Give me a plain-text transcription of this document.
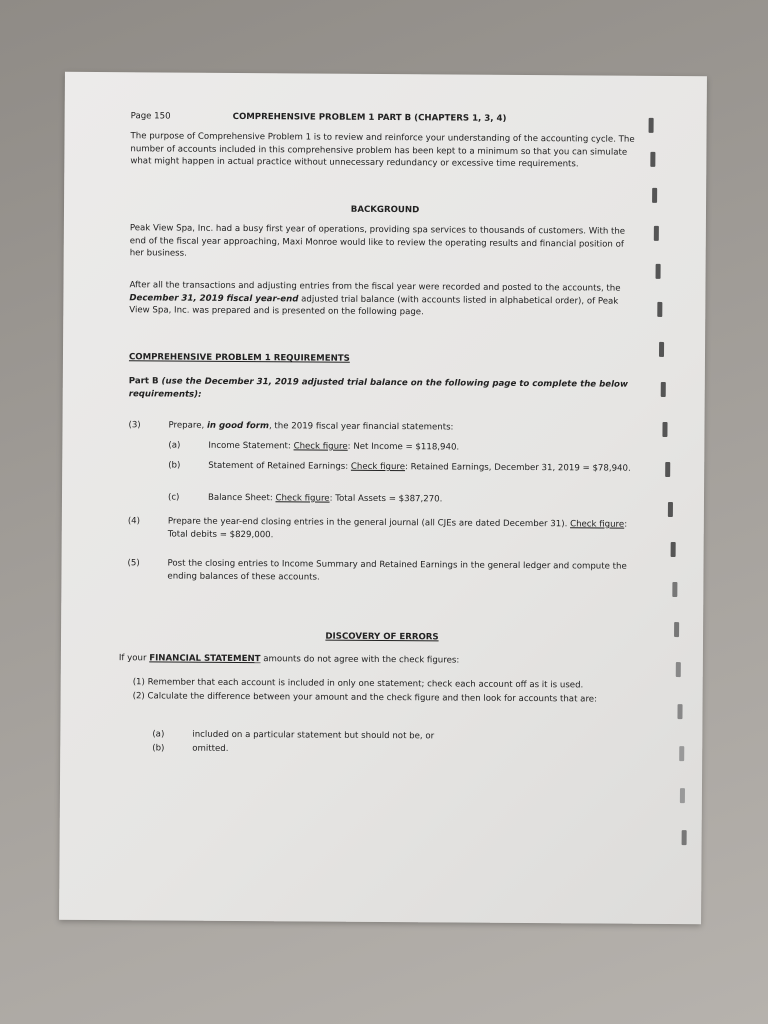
Page 150	COMPREHENSIVE PROBLEM 1 PART B (CHAPTERS 1, 3, 4)
The purpose of Comprehensive Problem 1 is to review and reinforce your understanding of the accounting cycle. The number of accounts included in this comprehensive problem has been kept to a minimum so that you can simulate what might happen in actual practice without unnecessary redundancy or excessive time requirements.
BACKGROUND
Peak View Spa, Inc. had a busy first year of operations, providing spa services to thousands of customers. With the end of the fiscal year approaching, Maxi Monroe would like to review the operating results and financial position of her business.
After all the transactions and adjusting entries from the fiscal year were recorded and posted to the accounts, the December 31, 2019 fiscal year-end adjusted trial balance (with accounts listed in alphabetical order), of Peak View Spa, Inc. was prepared and is presented on the following page.
COMPREHENSIVE PROBLEM 1 REQUIREMENTS
Part B (use the December 31, 2019 adjusted trial balance on the following page to complete the below requirements):
(3)	Prepare, in good form, the 2019 fiscal year financial statements:
(a)	Income Statement: Check figure: Net Income = $118,940.
(b)	Statement of Retained Earnings: Check figure: Retained Earnings, December 31, 2019 = $78,940.
(c)	Balance Sheet: Check figure: Total Assets = $387,270.
(4)	Prepare the year-end closing entries in the general journal (all CJEs are dated December 31). Check figure: Total debits = $829,000.
(5)	Post the closing entries to Income Summary and Retained Earnings in the general ledger and compute the ending balances of these accounts.
DISCOVERY OF ERRORS
If your FINANCIAL STATEMENT amounts do not agree with the check figures:
(1) Remember that each account is included in only one statement; check each account off as it is used.
(2) Calculate the difference between your amount and the check figure and then look for accounts that are:
(a)	included on a particular statement but should not be, or
(b)	omitted.
